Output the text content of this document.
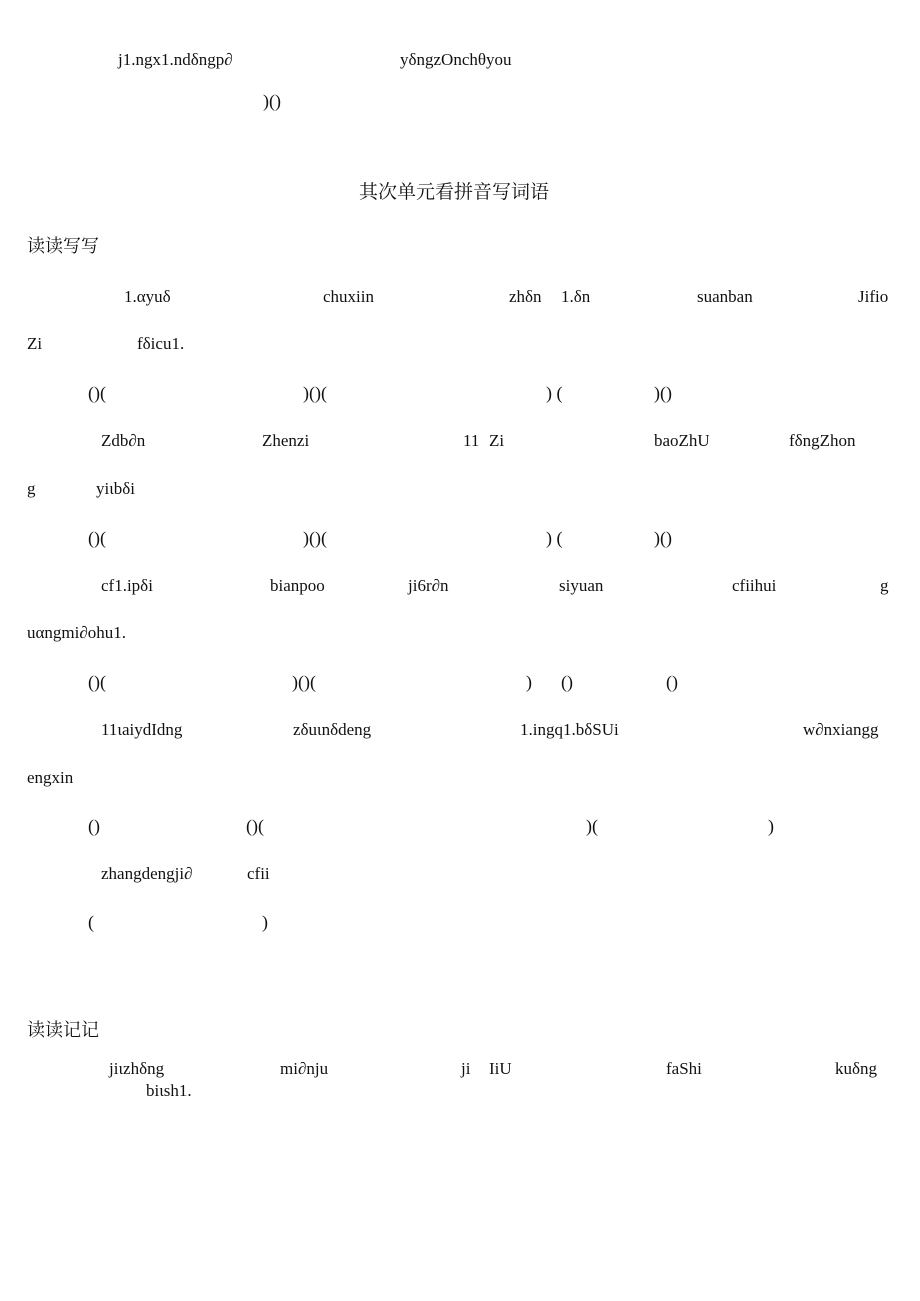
j1.ngx1.ndδngp∂	yδngzOnchθyou
)()
其次单元看拼音写词语
读读写写
1.αyuδ	chuxiin	zhδn 1.δn	suanban	Jifio
Zi	fδicu1.
()(	)()(	) (	)()
Zdb∂n	Zhenzi	11 Zi	baoZhU	fδngZhon
g	yiιbδi
()(	)()(	) (	)()
cf1.ipδi	bianpoo	ji6r∂n	siyuan	cfiihui	g
uαngmi∂ohu1.
()(	)()(	) ()	()
11ιaiydIdng	zδuιnδdeng	1.ingq1.bδSUi	w∂nxiangg
engxin
()	()(	)(	)
zhangdengji∂	cfii
(	)
读读记记
jiιzhδng	mi∂nju	ji IiU	faShi	kuδng
biιsh1.
